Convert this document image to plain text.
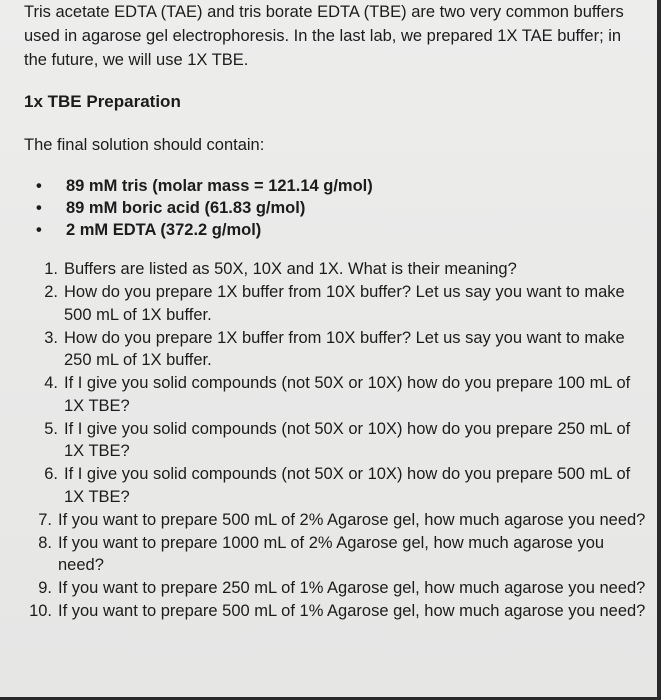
Tris acetate EDTA (TAE) and tris borate EDTA (TBE) are two very common buffers used in agarose gel electrophoresis. In the last lab, we prepared 1X TAE buffer; in the future, we will use 1X TBE.

1x TBE Preparation

The final solution should contain:

• 89 mM tris (molar mass = 121.14 g/mol)
• 89 mM boric acid (61.83 g/mol)
• 2 mM EDTA (372.2 g/mol)
1. Buffers are listed as 50X, 10X and 1X. What is their meaning?
2. How do you prepare 1X buffer from 10X buffer? Let us say you want to make 500 mL of 1X buffer.
3. How do you prepare 1X buffer from 10X buffer? Let us say you want to make 250 mL of 1X buffer.
4. If I give you solid compounds (not 50X or 10X) how do you prepare 100 mL of 1X TBE?
5. If I give you solid compounds (not 50X or 10X) how do you prepare 250 mL of 1X TBE?
6. If I give you solid compounds (not 50X or 10X) how do you prepare 500 mL of 1X TBE?
7. If you want to prepare 500 mL of 2% Agarose gel, how much agarose you need?
8. If you want to prepare 1000 mL of 2% Agarose gel, how much agarose you need?
9. If you want to prepare 250 mL of 1% Agarose gel, how much agarose you need?
10. If you want to prepare 500 mL of 1% Agarose gel, how much agarose you need?
